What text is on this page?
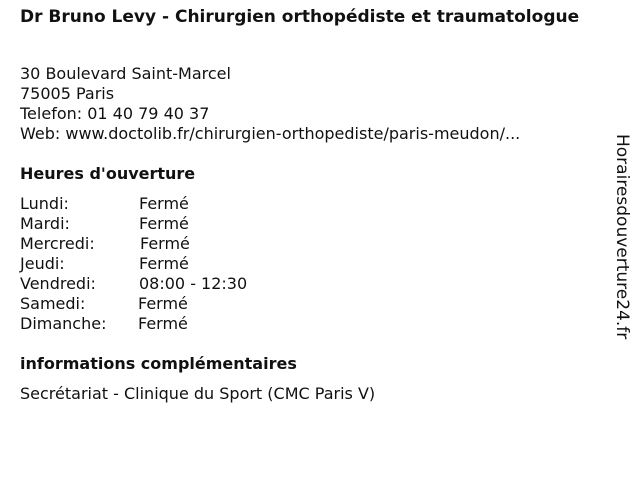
Dr Bruno Levy - Chirurgien orthopédiste et traumatologue
30 Boulevard Saint-Marcel
75005 Paris
Telefon: 01 40 79 40 37
Web: www.doctolib.fr/chirurgien-orthopediste/paris-meudon/...
Heures d'ouverture
Lundi:	Fermé
Mardi:	Fermé
Mercredi:	Fermé
Jeudi:	Fermé
Vendredi:	08:00 - 12:30
Samedi:	Fermé
Dimanche: Fermé
informations complémentaires
Secrétariat - Clinique du Sport (CMC Paris V)
Horairesdouverture24.fr
